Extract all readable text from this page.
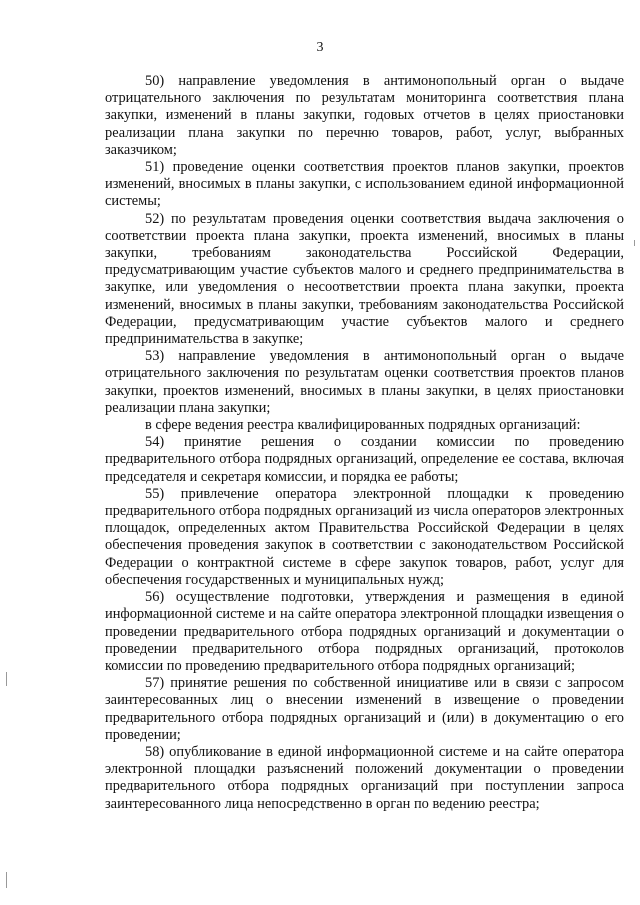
3

50) направление уведомления в антимонопольный орган о выдаче отрицательного заключения по результатам мониторинга соответствия плана закупки, изменений в планы закупки, годовых отчетов в целях приостановки реализации плана закупки по перечню товаров, работ, услуг, выбранных заказчиком;

51) проведение оценки соответствия проектов планов закупки, проектов изменений, вносимых в планы закупки, с использованием единой информационной системы;

52) по результатам проведения оценки соответствия выдача заключения о соответствии проекта плана закупки, проекта изменений, вносимых в планы закупки, требованиям законодательства Российской Федерации, предусматривающим участие субъектов малого и среднего предпринимательства в закупке, или уведомления о несоответствии проекта плана закупки, проекта изменений, вносимых в планы закупки, требованиям законодательства Российской Федерации, предусматривающим участие субъектов малого и среднего предпринимательства в закупке;

53) направление уведомления в антимонопольный орган о выдаче отрицательного заключения по результатам оценки соответствия проектов планов закупки, проектов изменений, вносимых в планы закупки, в целях приостановки реализации плана закупки;

в сфере ведения реестра квалифицированных подрядных организаций:

54) принятие решения о создании комиссии по проведению предварительного отбора подрядных организаций, определение ее состава, включая председателя и секретаря комиссии, и порядка ее работы;

55) привлечение оператора электронной площадки к проведению предварительного отбора подрядных организаций из числа операторов электронных площадок, определенных актом Правительства Российской Федерации в целях обеспечения проведения закупок в соответствии с законодательством Российской Федерации о контрактной системе в сфере закупок товаров, работ, услуг для обеспечения государственных и муниципальных нужд;

56) осуществление подготовки, утверждения и размещения в единой информационной системе и на сайте оператора электронной площадки извещения о проведении предварительного отбора подрядных организаций и документации о проведении предварительного отбора подрядных организаций, протоколов комиссии по проведению предварительного отбора подрядных организаций;

57) принятие решения по собственной инициативе или в связи с запросом заинтересованных лиц о внесении изменений в извещение о проведении предварительного отбора подрядных организаций и (или) в документацию о его проведении;

58) опубликование в единой информационной системе и на сайте оператора электронной площадки разъяснений положений документации о проведении предварительного отбора подрядных организаций при поступлении запроса заинтересованного лица непосредственно в орган по ведению реестра;
